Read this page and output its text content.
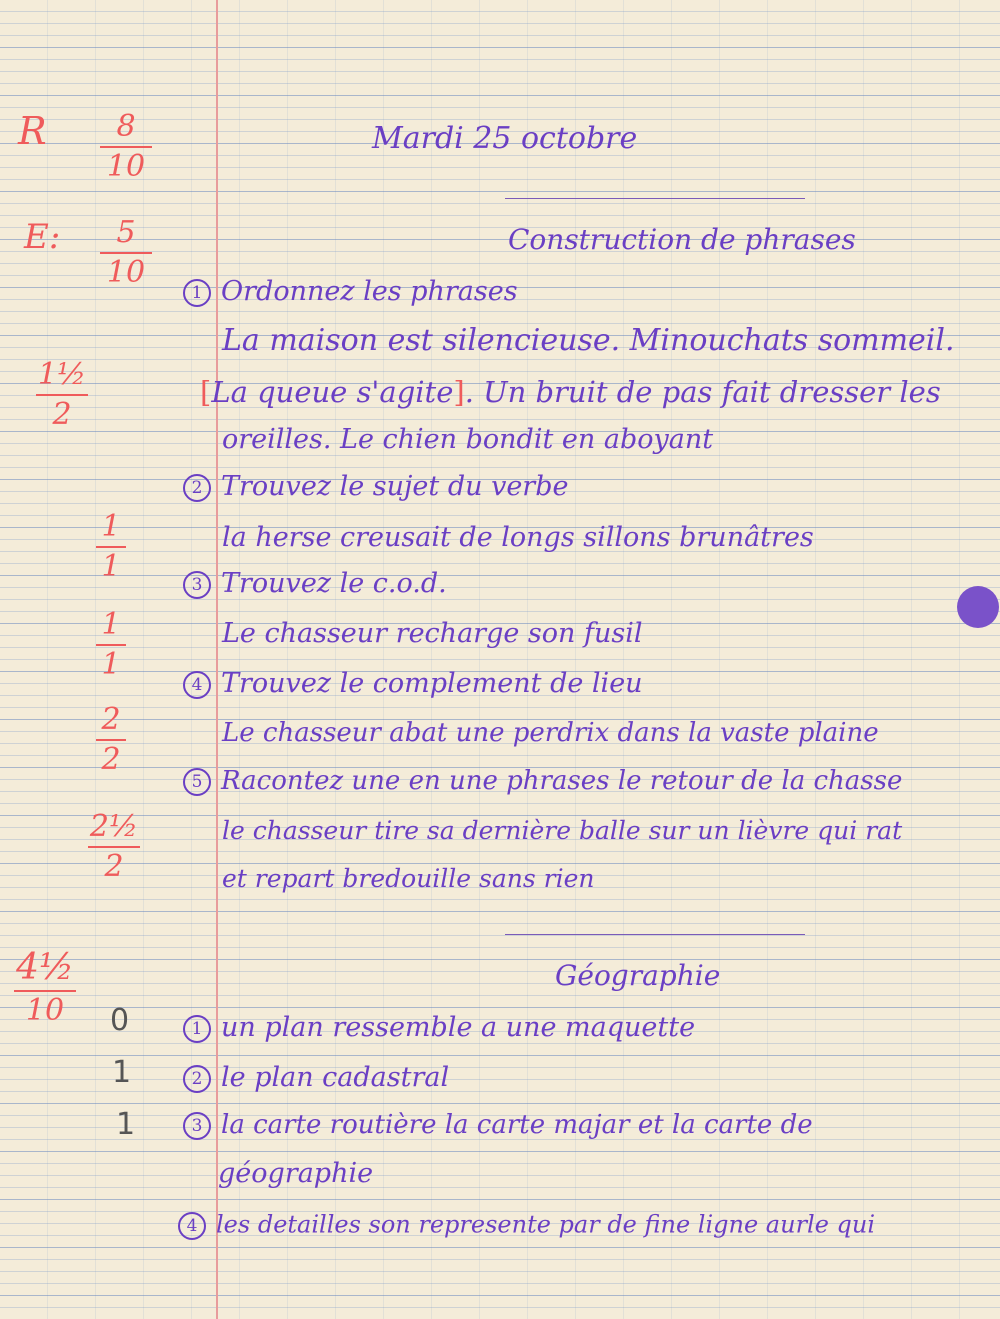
R 8
10
E: 5
10
1½
2
1
1
1
1
2
2
2½
2
4½
10 0
1
1
Mardi 25 octobre
Construction de phrases
1 Ordonnez les phrases
La maison est silencieuse. Minouchats sommeil.
[La queue s'agite]. Un bruit de pas fait dresser les
oreilles. Le chien bondit en aboyant
2 Trouvez le sujet du verbe
la herse creusait de longs sillons brunâtres
3 Trouvez le c.o.d.
Le chasseur recharge son fusil
4 Trouvez le complement de lieu
Le chasseur abat une perdrix dans la vaste plaine
5 Racontez une en une phrases le retour de la chasse
le chasseur tire sa dernière balle sur un lièvre qui rat
et repart bredouille sans rien
Géographie
1 un plan ressemble a une maquette
2 le plan cadastral
3 la carte routière la carte majar et la carte de
géographie
4 les detailles son represente par de fine ligne aurle qui
